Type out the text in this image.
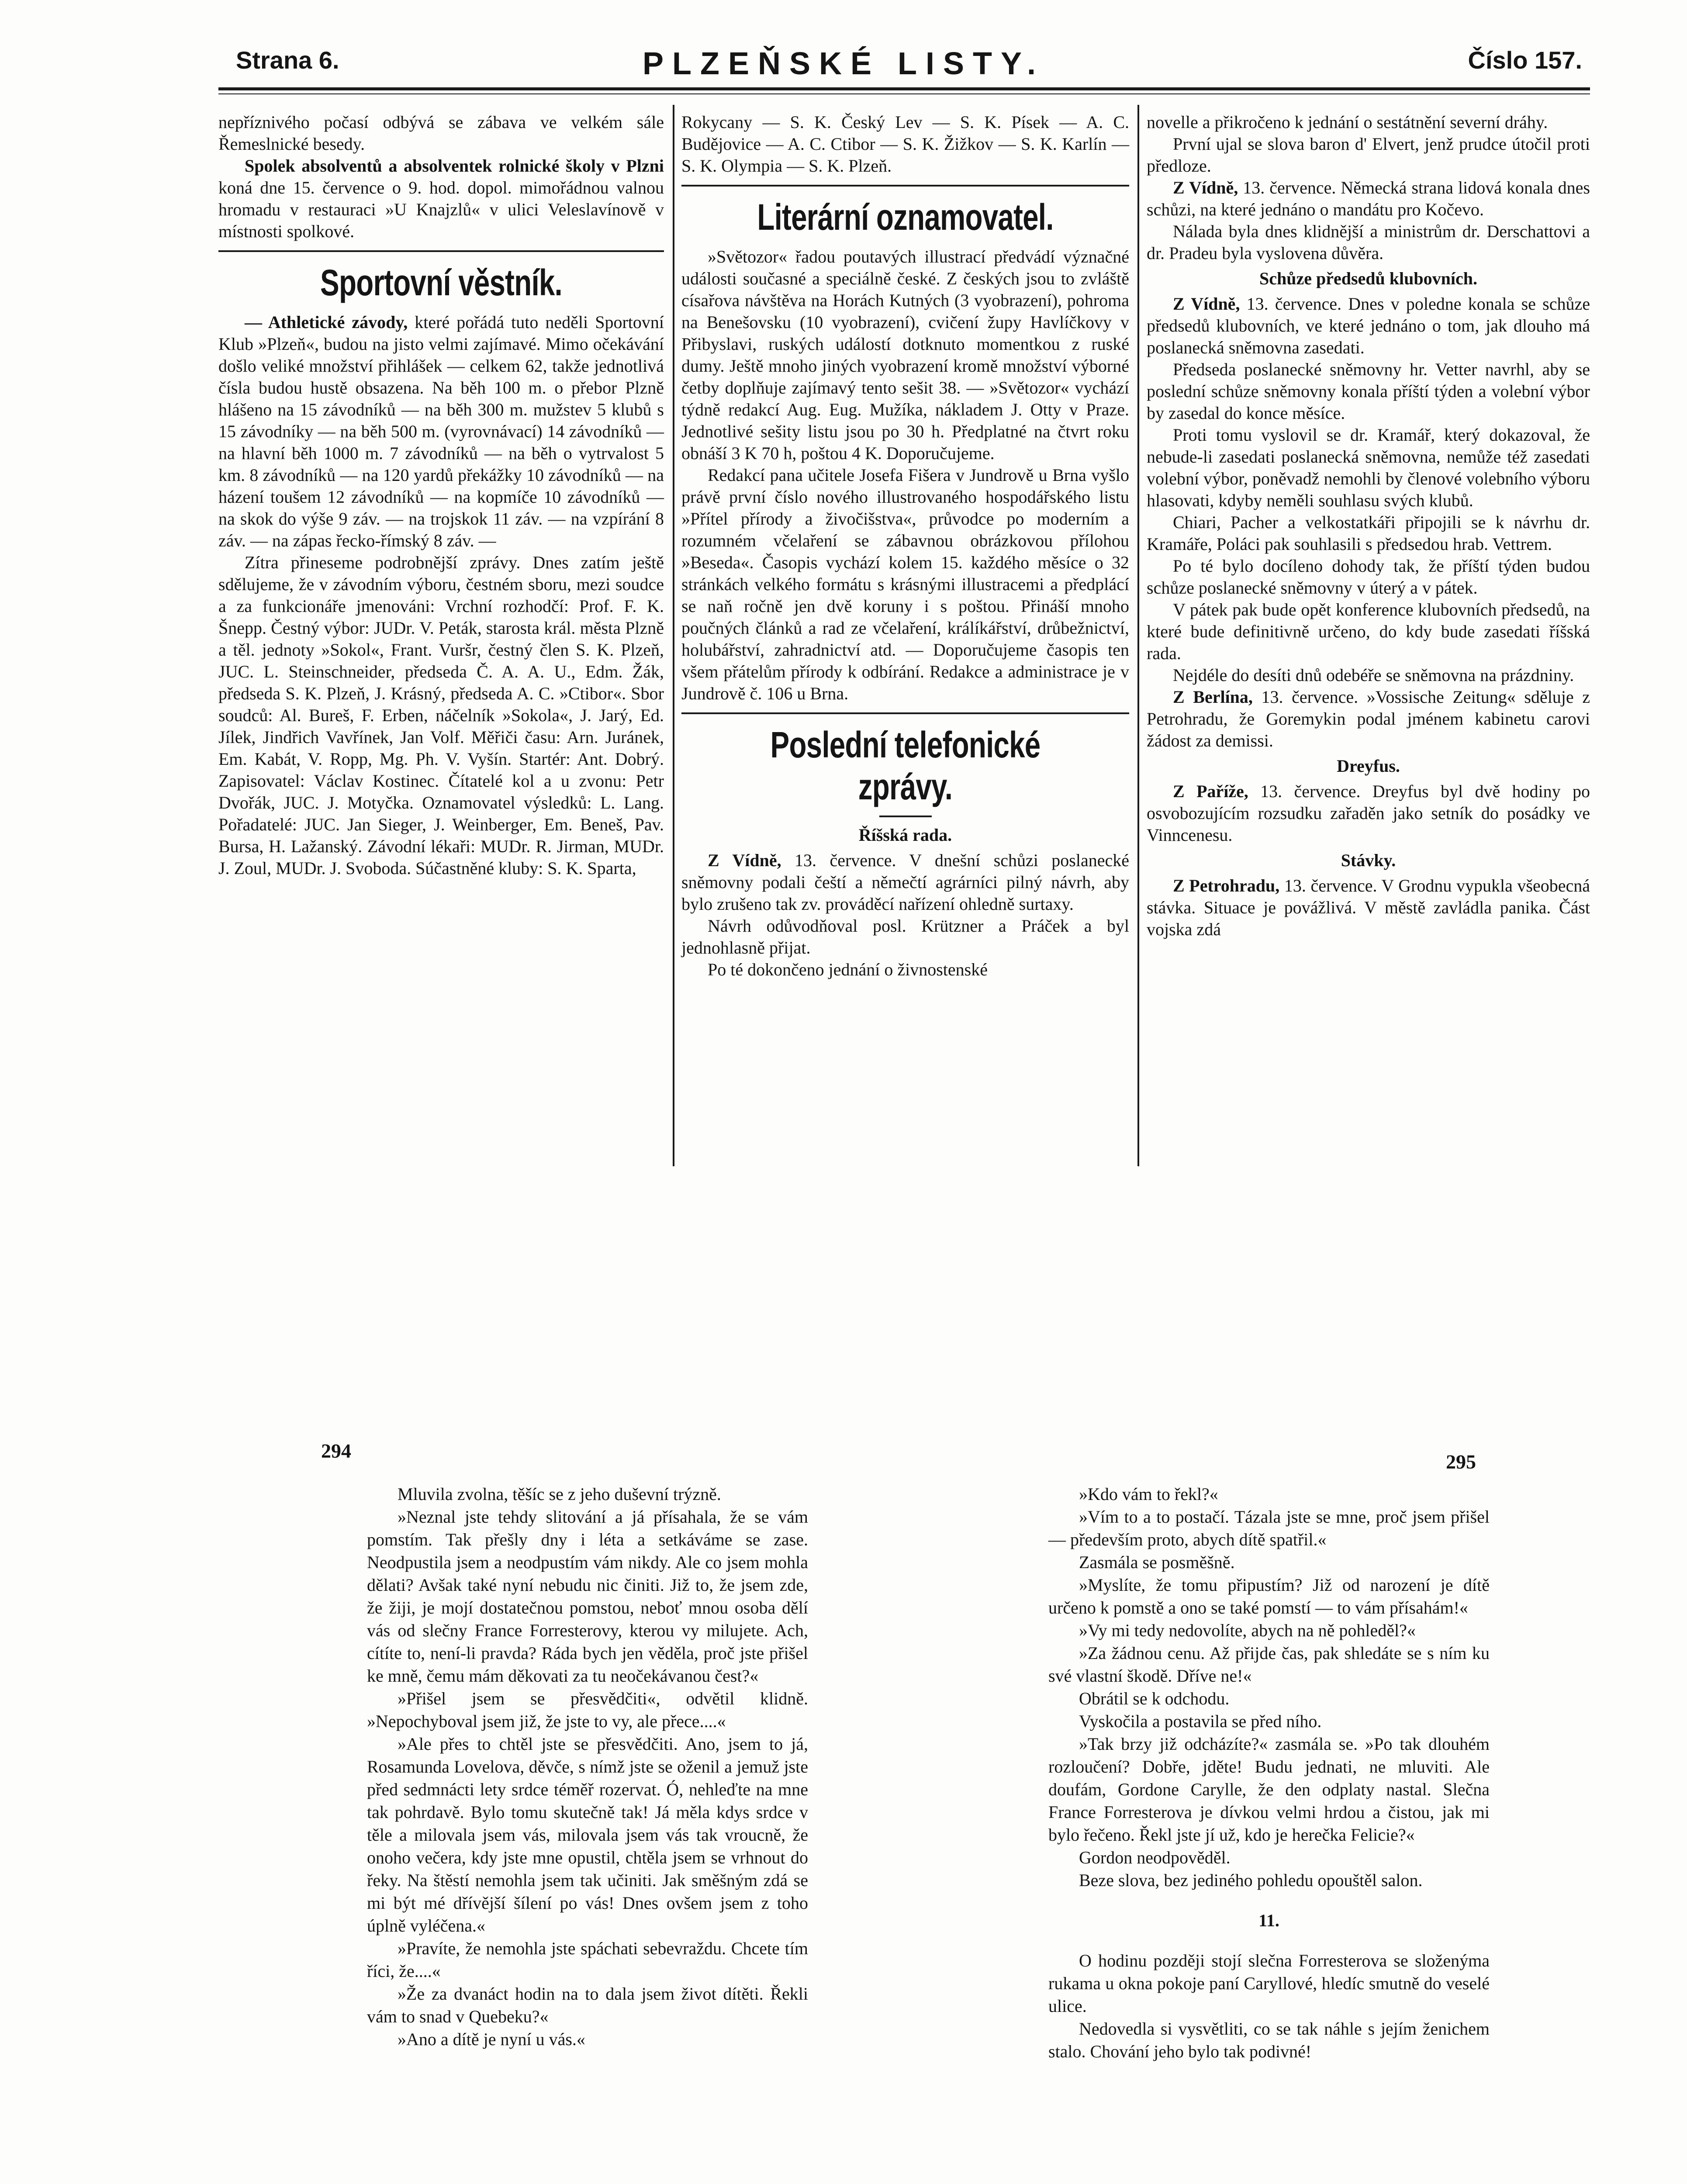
Strana 6.	PLZEŇSKÉ LISTY.	Číslo 157.

nepříznivého počasí odbývá se zábava ve velkém sále Řemeslnické besedy.

Spolek absolventů a absolventek rolnické školy v Plzni koná dne 15. července o 9. hod. dopol. mimořádnou valnou hromadu v restauraci »U Knajzlů« v ulici Veleslavínově v místnosti spolkové.

Sportovní věstník.

— Athletické závody, které pořádá tuto neděli Sportovní Klub »Plzeň«, budou na jisto velmi zajímavé. Mimo očekávání došlo veliké množství přihlášek — celkem 62, takže jednotlivá čísla budou hustě obsazena. Na běh 100 m. o přebor Plzně hlášeno na 15 závodníků — na běh 300 m. mužstev 5 klubů s 15 závodníky — na běh 500 m. (vyrovnávací) 14 závodníků — na hlavní běh 1000 m. 7 závodníků — na běh o vytrvalost 5 km. 8 závodníků — na 120 yardů překážky 10 závodníků — na házení toušem 12 závodníků — na kopmíče 10 závodníků — na skok do výše 9 záv. — na trojskok 11 záv. — na vzpírání 8 záv. — na zápas řecko-římský 8 záv. —

Zítra přineseme podrobnější zprávy. Dnes zatím ještě sdělujeme, že v závodním výboru, čestném sboru, mezi soudce a za funkcionáře jmenováni: Vrchní rozhodčí: Prof. F. K. Šnepp. Čestný výbor: JUDr. V. Peták, starosta král. města Plzně a těl. jednoty »Sokol«, Frant. Vuršr, čestný člen S. K. Plzeň, JUC. L. Steinschneider, předseda Č. A. A. U., Edm. Žák, předseda S. K. Plzeň, J. Krásný, předseda A. C. »Ctibor«. Sbor soudců: Al. Bureš, F. Erben, náčelník »Sokola«, J. Jarý, Ed. Jílek, Jindřich Vavřínek, Jan Volf. Měřiči času: Arn. Juránek, Em. Kabát, V. Ropp, Mg. Ph. V. Vyšín. Startér: Ant. Dobrý. Zapisovatel: Václav Kostinec. Čítatelé kol a u zvonu: Petr Dvořák, JUC. J. Motyčka. Oznamovatel výsledků: L. Lang. Pořadatelé: JUC. Jan Sieger, J. Weinberger, Em. Beneš, Pav. Bursa, H. Lažanský. Závodní lékaři: MUDr. R. Jirman, MUDr. J. Zoul, MUDr. J. Svoboda. Súčastněné kluby: S. K. Sparta,

Rokycany — S. K. Český Lev — S. K. Písek — A. C. Budějovice — A. C. Ctibor — S. K. Žižkov — S. K. Karlín — S. K. Olympia — S. K. Plzeň.

Literární oznamovatel.

»Světozor« řadou poutavých illustrací předvádí význačné události současné a speciálně české. Z českých jsou to zvláště císařova návštěva na Horách Kutných (3 vyobrazení), pohroma na Benešovsku (10 vyobrazení), cvičení župy Havlíčkovy v Přibyslavi, ruských událostí dotknuto momentkou z ruské dumy. Ještě mnoho jiných vyobrazení kromě množství výborné četby doplňuje zajímavý tento sešit 38. — »Světozor« vychází týdně redakcí Aug. Eug. Mužíka, nákladem J. Otty v Praze. Jednotlivé sešity listu jsou po 30 h. Předplatné na čtvrt roku obnáší 3 K 70 h, poštou 4 K. Doporučujeme.

Redakcí pana učitele Josefa Fišera v Jundrově u Brna vyšlo právě první číslo nového illustrovaného hospodářského listu »Přítel přírody a živočišstva«, průvodce po moderním a rozumném včelaření se zábavnou obrázkovou přílohou »Beseda«. Časopis vychází kolem 15. každého měsíce o 32 stránkách velkého formátu s krásnými illustracemi a předplácí se naň ročně jen dvě koruny i s poštou. Přináší mnoho poučných článků a rad ze včelaření, králíkářství, drůbežnictví, holubářství, zahradnictví atd. — Doporučujeme časopis ten všem přátelům přírody k odbírání. Redakce a administrace je v Jundrově č. 106 u Brna.

Poslední telefonické zprávy.
Říšská rada.

Z Vídně, 13. července. V dnešní schůzi poslanecké sněmovny podali čeští a němečtí agrárníci pilný návrh, aby bylo zrušeno tak zv. prováděcí nařízení ohledně surtaxy.

Návrh odůvodňoval posl. Krützner a Práček a byl jednohlasně přijat.

Po té dokončeno jednání o živnostenské

novelle a přikročeno k jednání o sestátnění severní dráhy.

První ujal se slova baron d' Elvert, jenž prudce útočil proti předloze.

Z Vídně, 13. července. Německá strana lidová konala dnes schůzi, na které jednáno o mandátu pro Kočevo.

Nálada byla dnes klidnější a ministrům dr. Derschattovi a dr. Pradeu byla vyslovena důvěra.

Schůze předsedů klubovních.

Z Vídně, 13. července. Dnes v poledne konala se schůze předsedů klubovních, ve které jednáno o tom, jak dlouho má poslanecká sněmovna zasedati.

Předseda poslanecké sněmovny hr. Vetter navrhl, aby se poslední schůze sněmovny konala příští týden a volební výbor by zasedal do konce měsíce.

Proti tomu vyslovil se dr. Kramář, který dokazoval, že nebude-li zasedati poslanecká sněmovna, nemůže též zasedati volební výbor, poněvadž nemohli by členové volebního výboru hlasovati, kdyby neměli souhlasu svých klubů.

Chiari, Pacher a velkostatkáři připojili se k návrhu dr. Kramáře, Poláci pak souhlasili s předsedou hrab. Vettrem.

Po té bylo docíleno dohody tak, že příští týden budou schůze poslanecké sněmovny v úterý a v pátek.

V pátek pak bude opět konference klubovních předsedů, na které bude definitivně určeno, do kdy bude zasedati říšská rada.

Nejdéle do desíti dnů odebéře se sněmovna na prázdniny.

Z Berlína, 13. července. »Vossische Zeitung« sděluje z Petrohradu, že Goremykin podal jménem kabinetu carovi žádost za demissi.

Dreyfus.

Z Paříže, 13. července. Dreyfus byl dvě hodiny po osvobozujícím rozsudku zařaděn jako setník do posádky ve Vinncenesu.

Stávky.

Z Petrohradu, 13. července. V Grodnu vypukla všeobecná stávka. Situace je povážlivá. V městě zavládla panika. Část vojska zdá

294	295

Mluvila zvolna, těšíc se z jeho duševní trýzně.

»Neznal jste tehdy slitování a já přísahala, že se vám pomstím. Tak přešly dny i léta a setkáváme se zase. Neodpustila jsem a neodpustím vám nikdy. Ale co jsem mohla dělati? Avšak také nyní nebudu nic činiti. Již to, že jsem zde, že žiji, je mojí dostatečnou pomstou, neboť mnou osoba dělí vás od slečny France Forresterovy, kterou vy milujete. Ach, cítíte to, není-li pravda? Ráda bych jen věděla, proč jste přišel ke mně, čemu mám děkovati za tu neočekávanou čest?«

»Přišel jsem se přesvědčiti«, odvětil klidně. »Nepochyboval jsem již, že jste to vy, ale přece....«

»Ale přes to chtěl jste se přesvědčiti. Ano, jsem to já, Rosamunda Lovelova, děvče, s nímž jste se oženil a jemuž jste před sedmnácti lety srdce téměř rozervat. Ó, nehleďte na mne tak pohrdavě. Bylo tomu skutečně tak! Já měla kdys srdce v těle a milovala jsem vás, milovala jsem vás tak vroucně, že onoho večera, kdy jste mne opustil, chtěla jsem se vrhnout do řeky. Na štěstí nemohla jsem tak učiniti. Jak směšným zdá se mi být mé dřívější šílení po vás! Dnes ovšem jsem z toho úplně vyléčena.«

»Pravíte, že nemohla jste spáchati sebevraždu. Chcete tím říci, že....«

»Že za dvanáct hodin na to dala jsem život dítěti. Řekli vám to snad v Quebeku?«

»Ano a dítě je nyní u vás.«

»Kdo vám to řekl?«

»Vím to a to postačí. Tázala jste se mne, proč jsem přišel — především proto, abych dítě spatřil.«

Zasmála se posměšně.

»Myslíte, že tomu připustím? Již od narození je dítě určeno k pomstě a ono se také pomstí — to vám přísahám!«

»Vy mi tedy nedovolíte, abych na ně pohleděl?«

»Za žádnou cenu. Až přijde čas, pak shledáte se s ním ku své vlastní škodě. Dříve ne!«

Obrátil se k odchodu.

Vyskočila a postavila se před ního.

»Tak brzy již odcházíte?« zasmála se. »Po tak dlouhém rozloučení? Dobře, jděte! Budu jednati, ne mluviti. Ale doufám, Gordone Carylle, že den odplaty nastal. Slečna France Forresterova je dívkou velmi hrdou a čistou, jak mi bylo řečeno. Řekl jste jí už, kdo je herečka Felicie?«

Gordon neodpověděl.

Beze slova, bez jediného pohledu opouštěl salon.

11.

O hodinu později stojí slečna Forresterova se složenýma rukama u okna pokoje paní Caryllové, hledíc smutně do veselé ulice.

Nedovedla si vysvětliti, co se tak náhle s jejím ženichem stalo. Chování jeho bylo tak podivné!
